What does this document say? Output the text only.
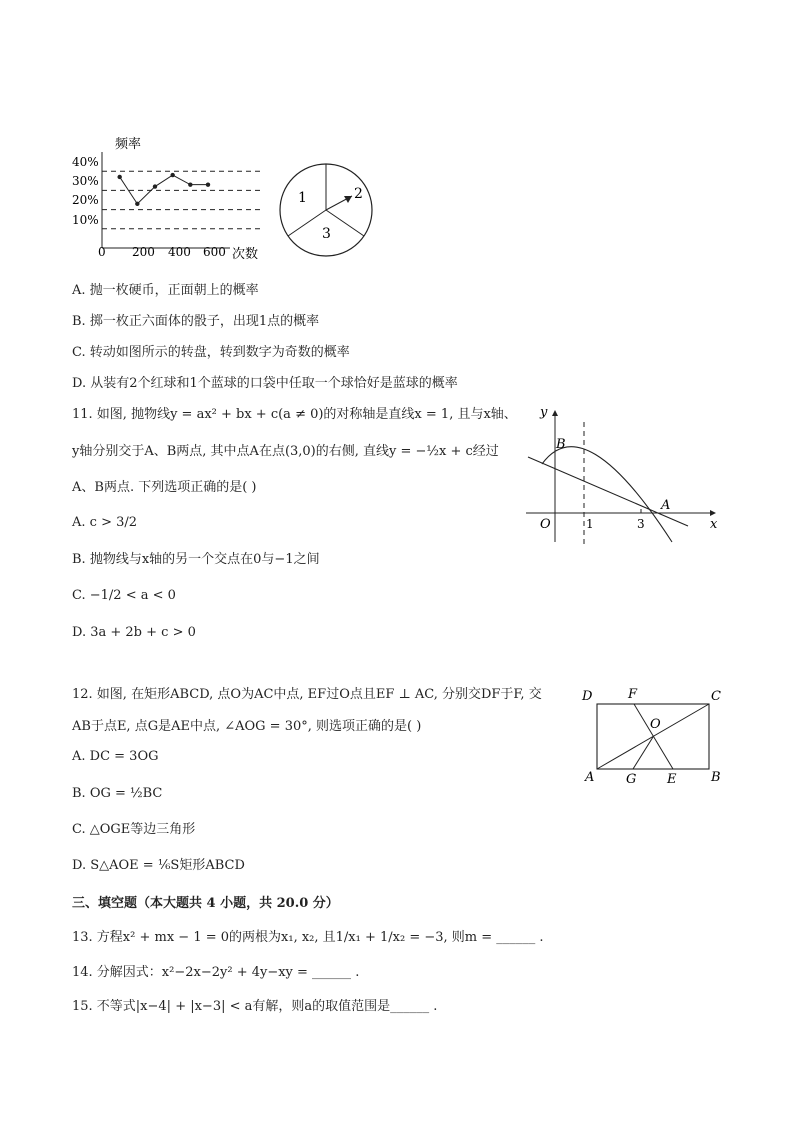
频率
次数
40%
30%
20%
10%
0 200 400 600
1	2
3
A. 抛一枚硬币，正面朝上的概率
B. 掷一枚正六面体的骰子，出现1点的概率
C. 转动如图所示的转盘，转到数字为奇数的概率
D. 从装有2个红球和1个蓝球的口袋中任取一个球恰好是蓝球的概率
11. 如图, 抛物线y = ax² + bx + c(a ≠ 0)的对称轴是直线x = 1, 且与x轴、
y轴分别交于A、B两点, 其中点A在点(3,0)的右侧, 直线y = −½x + c经过
A、B两点. 下列选项正确的是( )
A. c > 3/2
B. 抛物线与x轴的另一个交点在0与−1之间
C. −1/2 < a < 0
D. 3a + 2b + c > 0
y
x
O
B
A
1	3
12. 如图, 在矩形ABCD, 点O为AC中点, EF过O点且EF ⊥ AC, 分别交DF于F, 交
AB于点E, 点G是AE中点, ∠AOG = 30°, 则选项正确的是( )
A. DC = 3OG
B. OG = ½BC
C. △OGE等边三角形
D. S△AOE = ⅙S矩形ABCD
D	F	C
O
A G E	B
三、填空题（本大题共 4 小题，共 20.0 分）
13. 方程x² + mx − 1 = 0的两根为x₁, x₂, 且1/x₁ + 1/x₂ = −3, 则m = ______ .
14. 分解因式：x²−2x−2y² + 4y−xy = ______ .
15. 不等式|x−4| + |x−3| < a有解，则a的取值范围是______ .
